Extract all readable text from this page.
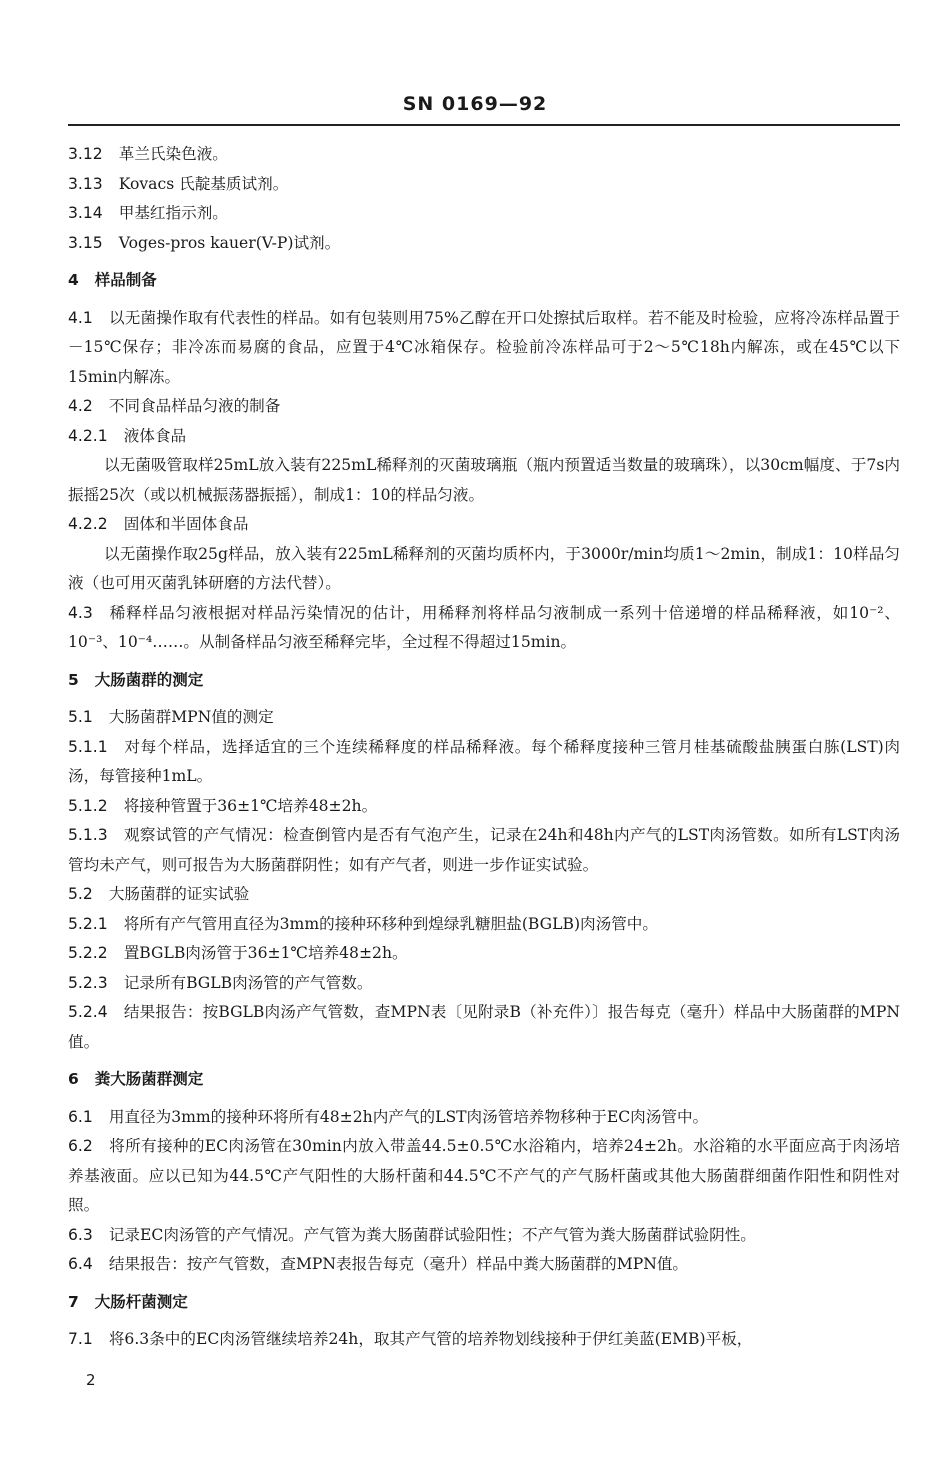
SN 0169—92
3.12 革兰氏染色液。
3.13 Kovacs 氏靛基质试剂。
3.14 甲基红指示剂。
3.15 Voges-pros kauer(V-P)试剂。
4 样品制备
4.1 以无菌操作取有代表性的样品。如有包装则用75%乙醇在开口处擦拭后取样。若不能及时检验，应将冷冻样品置于－15℃保存；非冷冻而易腐的食品，应置于4℃冰箱保存。检验前冷冻样品可于2～5℃18h内解冻，或在45℃以下15min内解冻。
4.2 不同食品样品匀液的制备
4.2.1 液体食品
以无菌吸管取样25mL放入装有225mL稀释剂的灭菌玻璃瓶（瓶内预置适当数量的玻璃珠），以30cm幅度、于7s内振摇25次（或以机械振荡器振摇），制成1：10的样品匀液。
4.2.2 固体和半固体食品
以无菌操作取25g样品，放入装有225mL稀释剂的灭菌均质杯内，于3000r/min均质1～2min，制成1：10样品匀液（也可用灭菌乳钵研磨的方法代替）。
4.3 稀释样品匀液根据对样品污染情况的估计，用稀释剂将样品匀液制成一系列十倍递增的样品稀释液，如10⁻²、10⁻³、10⁻⁴……。从制备样品匀液至稀释完毕，全过程不得超过15min。
5 大肠菌群的测定
5.1 大肠菌群MPN值的测定
5.1.1 对每个样品，选择适宜的三个连续稀释度的样品稀释液。每个稀释度接种三管月桂基硫酸盐胰蛋白胨(LST)肉汤，每管接种1mL。
5.1.2 将接种管置于36±1℃培养48±2h。
5.1.3 观察试管的产气情况：检查倒管内是否有气泡产生，记录在24h和48h内产气的LST肉汤管数。如所有LST肉汤管均未产气，则可报告为大肠菌群阴性；如有产气者，则进一步作证实试验。
5.2 大肠菌群的证实试验
5.2.1 将所有产气管用直径为3mm的接种环移种到煌绿乳糖胆盐(BGLB)肉汤管中。
5.2.2 置BGLB肉汤管于36±1℃培养48±2h。
5.2.3 记录所有BGLB肉汤管的产气管数。
5.2.4 结果报告：按BGLB肉汤产气管数，查MPN表〔见附录B（补充件）〕报告每克（毫升）样品中大肠菌群的MPN值。
6 粪大肠菌群测定
6.1 用直径为3mm的接种环将所有48±2h内产气的LST肉汤管培养物移种于EC肉汤管中。
6.2 将所有接种的EC肉汤管在30min内放入带盖44.5±0.5℃水浴箱内，培养24±2h。水浴箱的水平面应高于肉汤培养基液面。应以已知为44.5℃产气阳性的大肠杆菌和44.5℃不产气的产气肠杆菌或其他大肠菌群细菌作阳性和阴性对照。
6.3 记录EC肉汤管的产气情况。产气管为粪大肠菌群试验阳性；不产气管为粪大肠菌群试验阴性。
6.4 结果报告：按产气管数，查MPN表报告每克（毫升）样品中粪大肠菌群的MPN值。
7 大肠杆菌测定
7.1 将6.3条中的EC肉汤管继续培养24h，取其产气管的培养物划线接种于伊红美蓝(EMB)平板，
2
